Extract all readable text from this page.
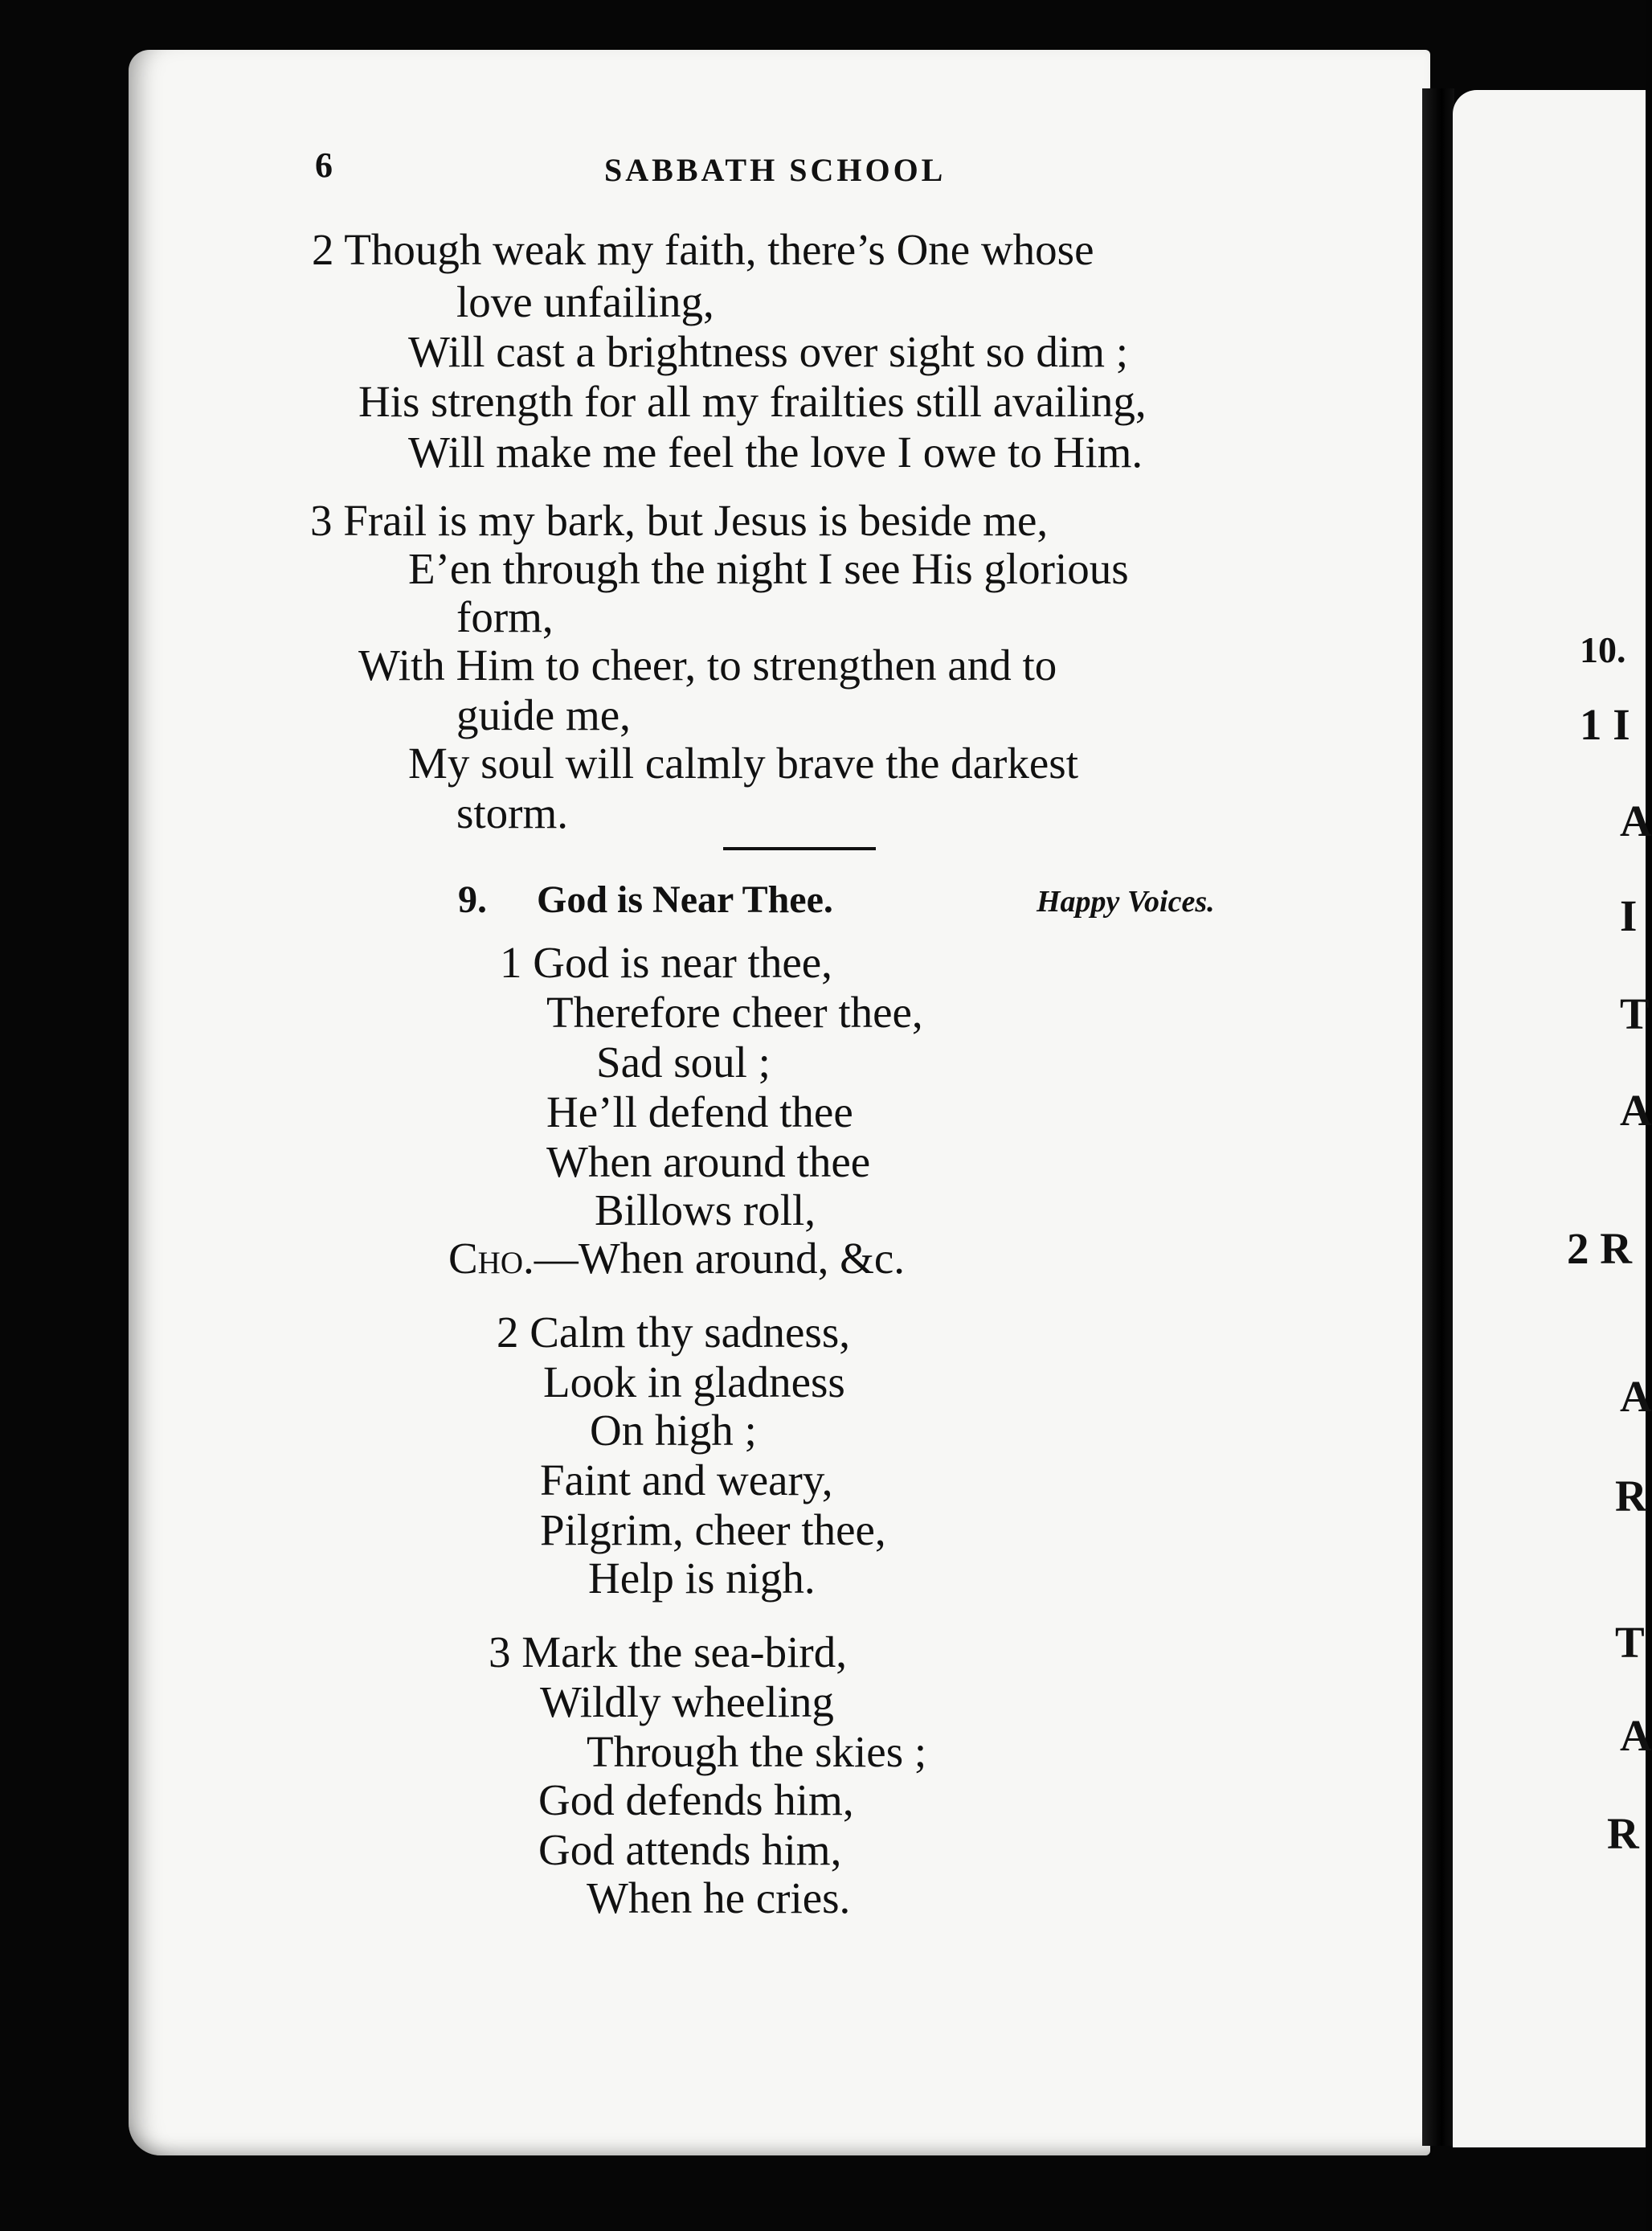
6	SABBATH SCHOOL
2 Though weak my faith, there’s One whose
love unfailing,
Will cast a brightness over sight so dim ;
His strength for all my frailties still availing,
Will make me feel the love I owe to Him.
3 Frail is my bark, but Jesus is beside me,
E’en through the night I see His glorious
form,
With Him to cheer, to strengthen and to
guide me,
My soul will calmly brave the darkest
storm.
9. God is Near Thee.	Happy Voices.
1 God is near thee,
Therefore cheer thee,
Sad soul ;
He’ll defend thee
When around thee
Billows roll,
Cho.—When around, &c.
2 Calm thy sadness,
Look in gladness
On high ;
Faint and weary,
Pilgrim, cheer thee,
Help is nigh.
3 Mark the sea-bird,
Wildly wheeling
Through the skies ;
God defends him,
God attends him,
When he cries.
10.
1 I
A
I
T
A
2 R
A
R
T
A
R
